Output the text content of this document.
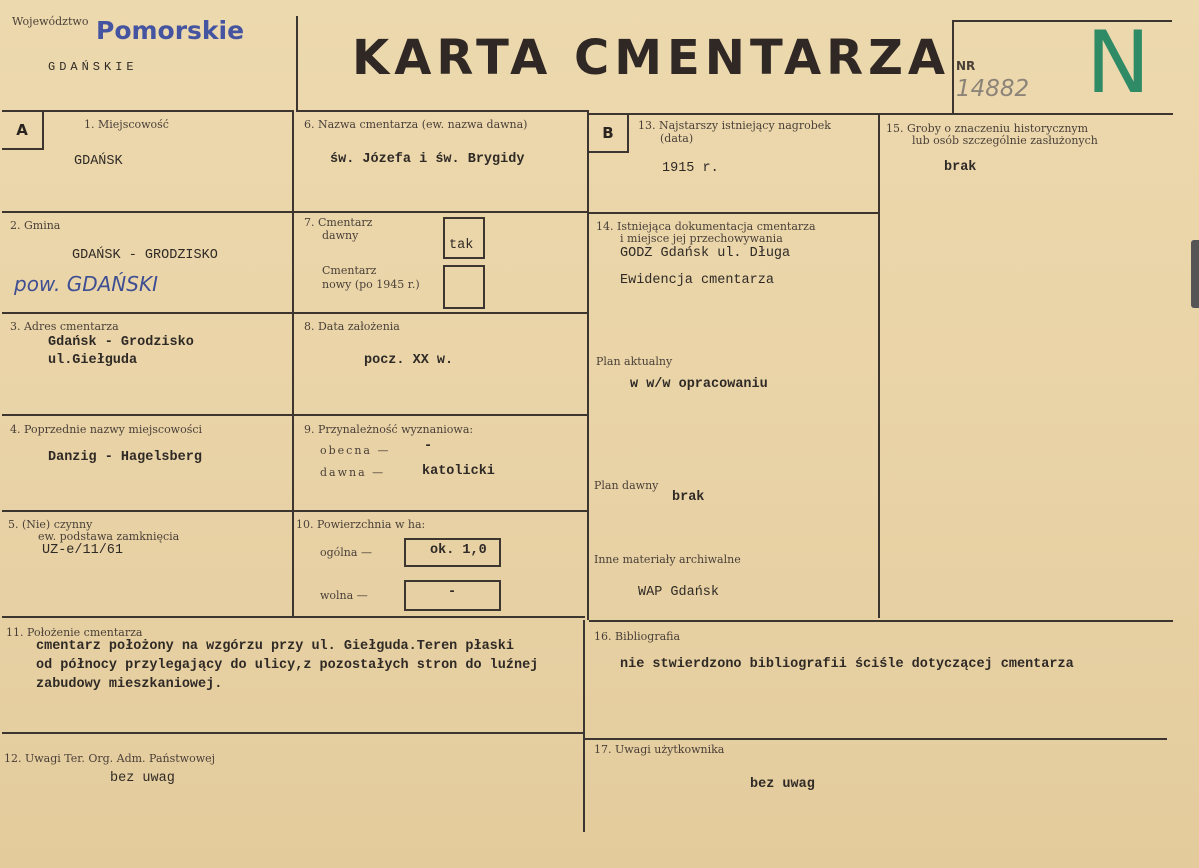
Województwo Pomorskie
GDAŃSKIE	KARTA CMENTARZA NR
14882 N
A	B
1. Miejscowość
GDAŃSK
2. Gmina
GDAŃSK - GRODZISKO
pow. GDAŃSKI
3. Adres cmentarza
Gdańsk - Grodzisko
ul.Giełguda
4. Poprzednie nazwy miejscowości
Danzig - Hagelsberg
5. (Nie) czynny
ew. podstawa zamknięcia
UZ-e/11/61
6. Nazwa cmentarza (ew. nazwa dawna)
św. Józefa i św. Brygidy
7. Cmentarz
dawny
tak
Cmentarz
nowy (po 1945 r.)
8. Data założenia
pocz. XX w.
9. Przynależność wyznaniowa:
obecna — -
dawna —	katolicki
10. Powierzchnia w ha:
ogólna —	ok. 1,0
wolna —	-
11. Położenie cmentarza
cmentarz położony na wzgórzu przy ul. Giełguda.Teren płaski
od północy przylegający do ulicy,z pozostałych stron do luźnej
zabudowy mieszkaniowej.
12. Uwagi Ter. Org. Adm. Państwowej
bez uwag
13. Najstarszy istniejący nagrobek
(data)
1915 r.
14. Istniejąca dokumentacja cmentarza
i miejsce jej przechowywania
GODZ Gdańsk ul. Długa
Ewidencja cmentarza
Plan aktualny
w w/w opracowaniu
Plan dawny
brak
Inne materiały archiwalne
WAP Gdańsk
15. Groby o znaczeniu historycznym
lub osób szczególnie zasłużonych
brak
16. Bibliografia
nie stwierdzono bibliografii ściśle dotyczącej cmentarza
17. Uwagi użytkownika
bez uwag
